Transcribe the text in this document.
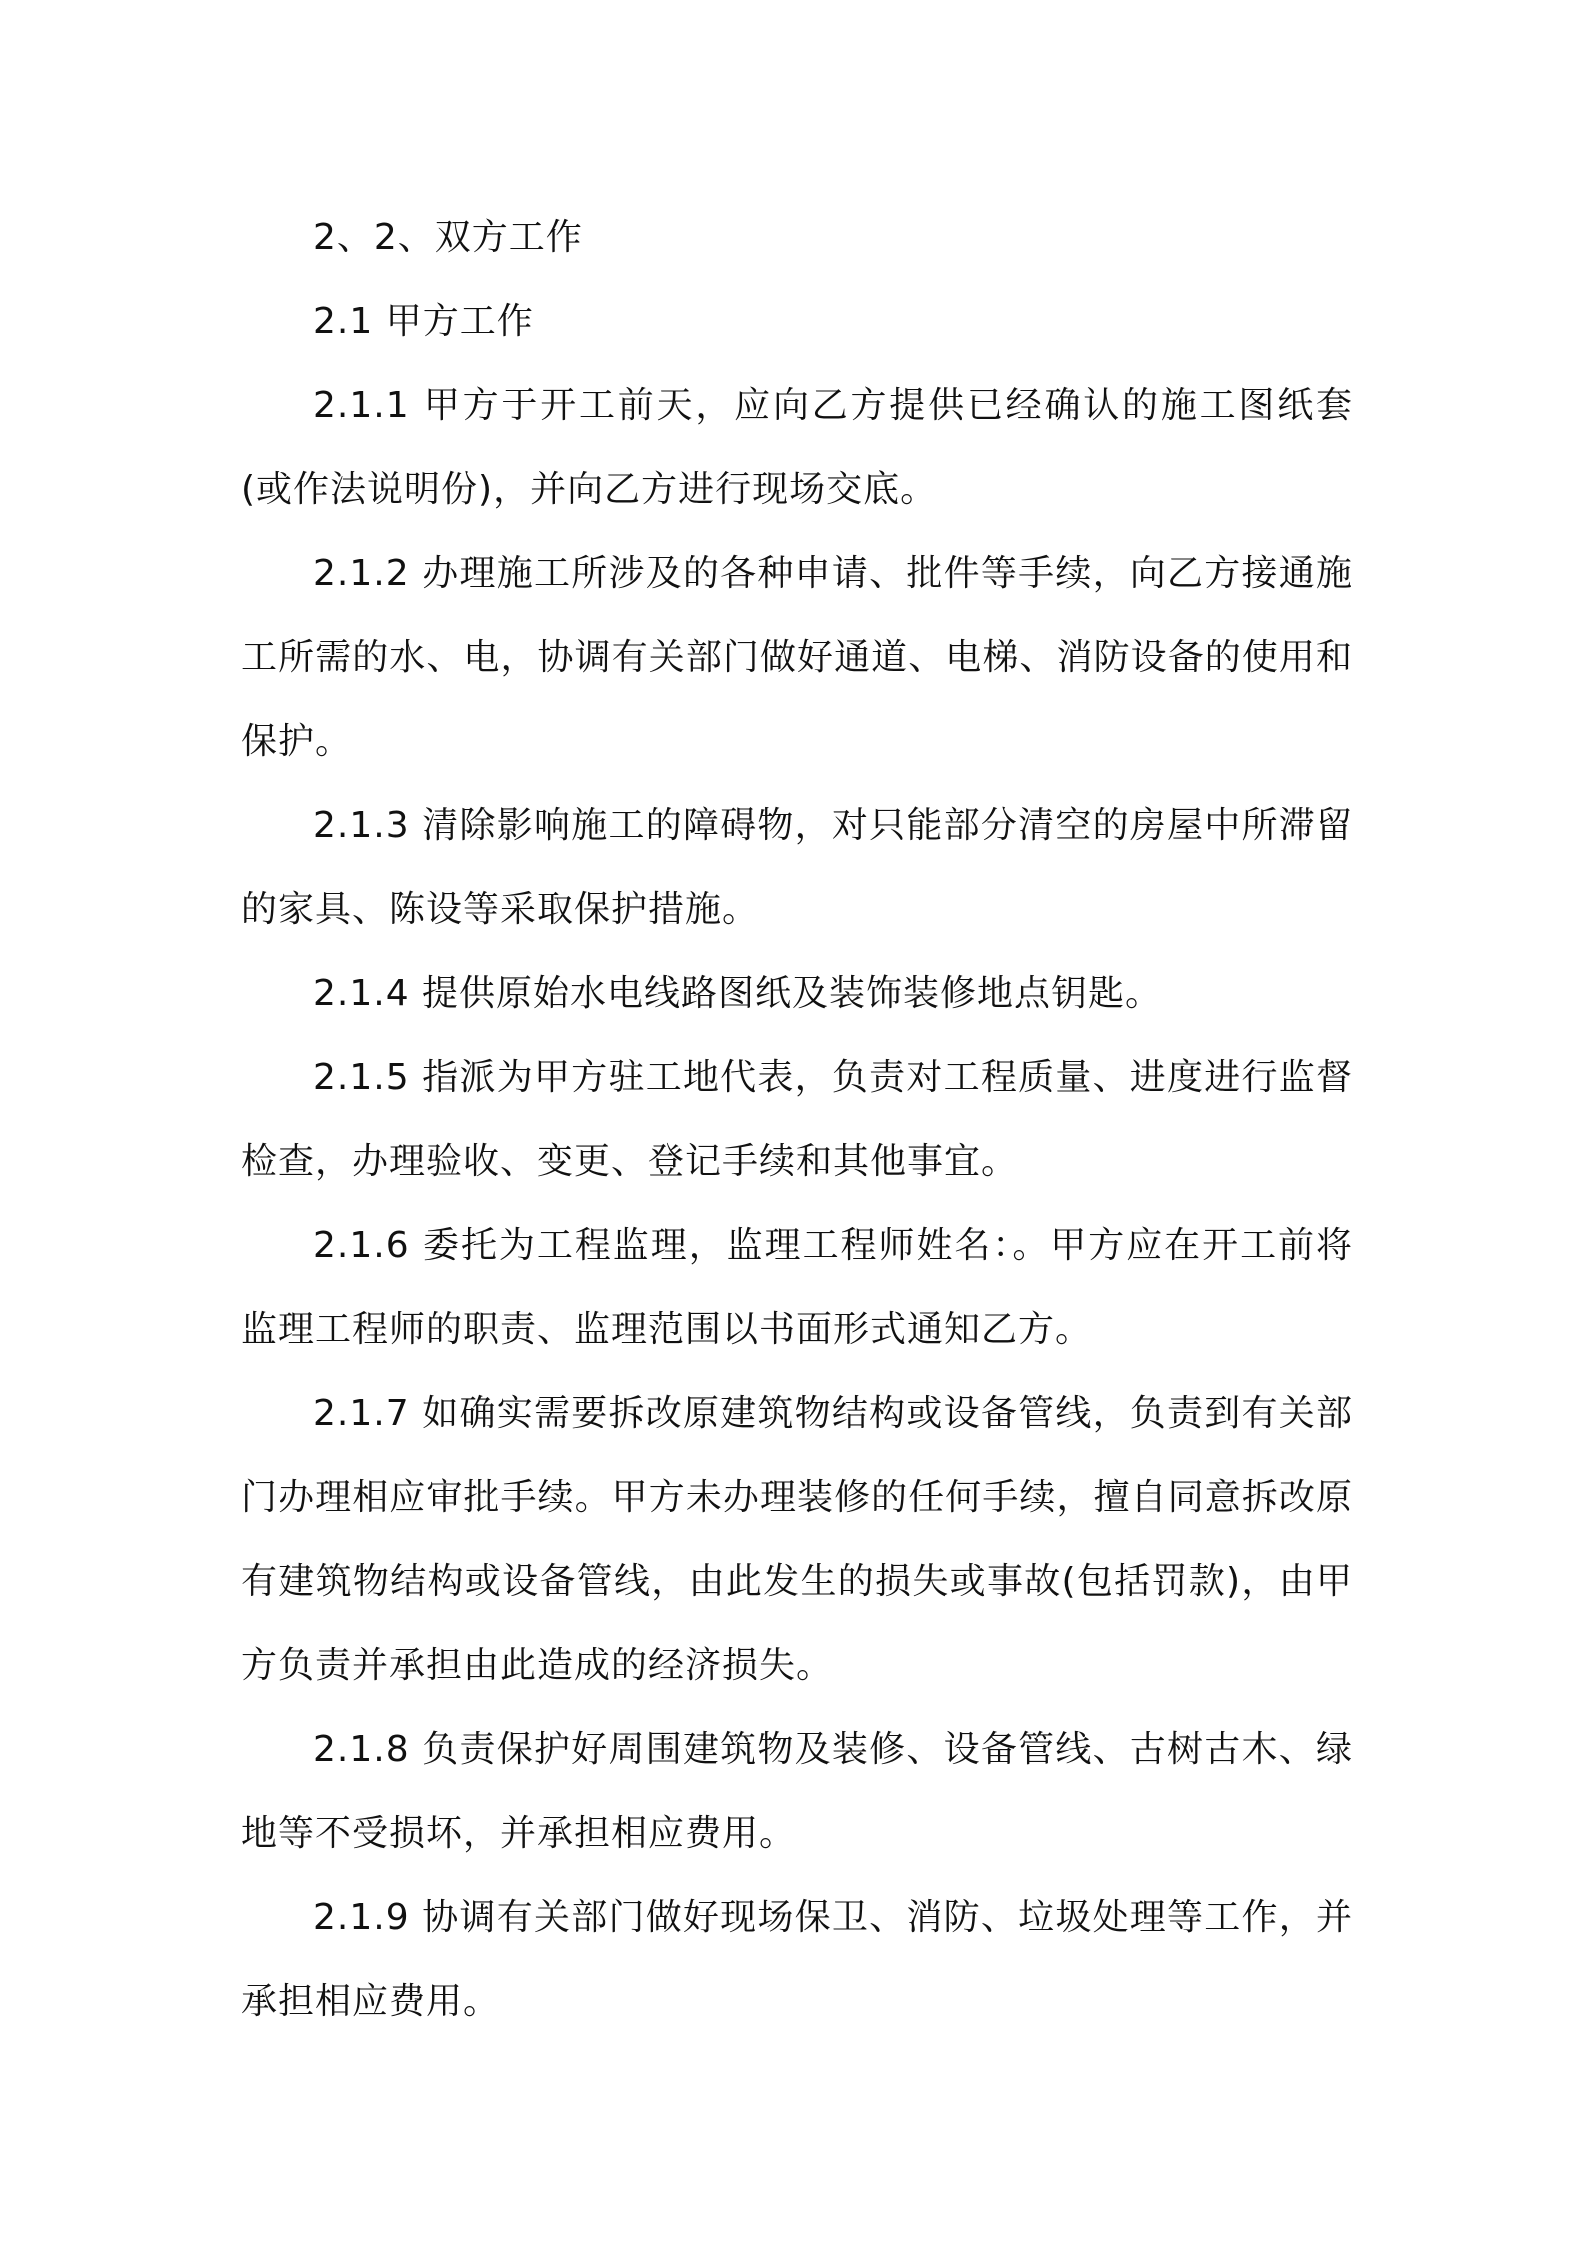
2、2、双方工作

2.1 甲方工作

2.1.1 甲方于开工前天，应向乙方提供已经确认的施工图纸套(或作法说明份)，并向乙方进行现场交底。

2.1.2 办理施工所涉及的各种申请、批件等手续，向乙方接通施工所需的水、电，协调有关部门做好通道、电梯、消防设备的使用和保护。

2.1.3 清除影响施工的障碍物，对只能部分清空的房屋中所滞留的家具、陈设等采取保护措施。

2.1.4 提供原始水电线路图纸及装饰装修地点钥匙。

2.1.5 指派为甲方驻工地代表，负责对工程质量、进度进行监督检查，办理验收、变更、登记手续和其他事宜。

2.1.6 委托为工程监理，监理工程师姓名：。甲方应在开工前将监理工程师的职责、监理范围以书面形式通知乙方。

2.1.7 如确实需要拆改原建筑物结构或设备管线，负责到有关部门办理相应审批手续。甲方未办理装修的任何手续，擅自同意拆改原有建筑物结构或设备管线，由此发生的损失或事故(包括罚款)，由甲方负责并承担由此造成的经济损失。

2.1.8 负责保护好周围建筑物及装修、设备管线、古树古木、绿地等不受损坏，并承担相应费用。

2.1.9 协调有关部门做好现场保卫、消防、垃圾处理等工作，并承担相应费用。
